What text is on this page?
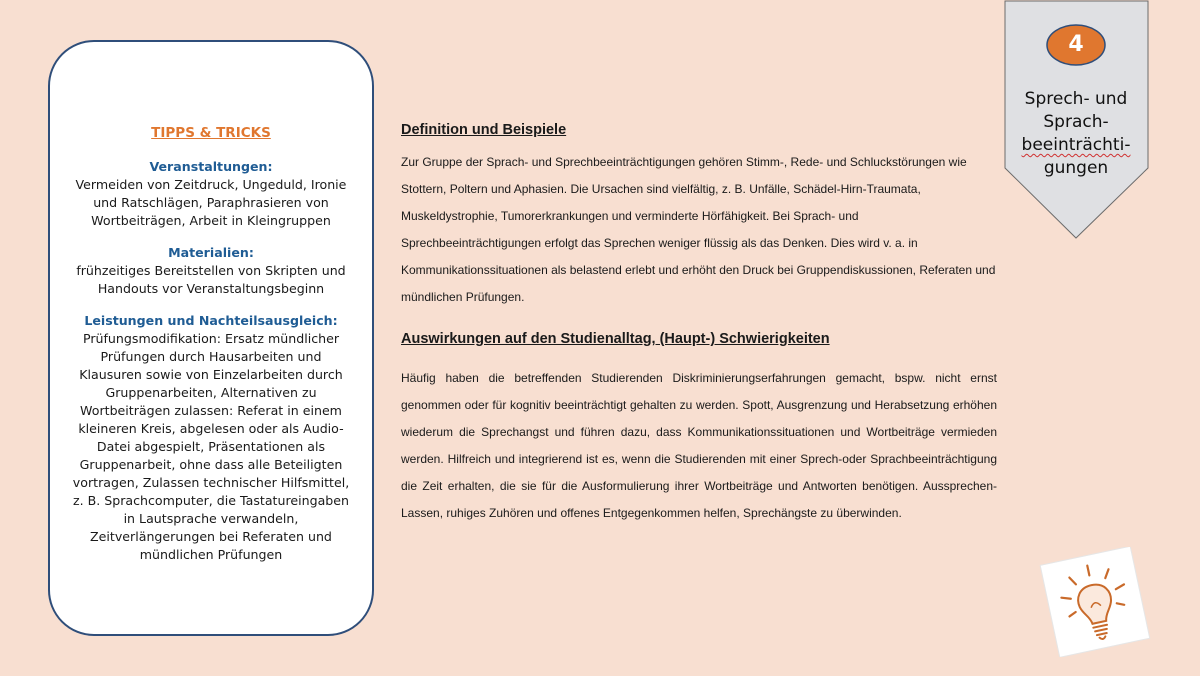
TIPPS & TRICKS
Veranstaltungen:
Vermeiden von Zeitdruck, Ungeduld, Ironie und Ratschlägen, Paraphrasieren von Wortbeiträgen, Arbeit in Kleingruppen
Materialien:
frühzeitiges Bereitstellen von Skripten und Handouts vor Veranstaltungsbeginn
Leistungen und Nachteilsausgleich:
Prüfungsmodifikation: Ersatz mündlicher Prüfungen durch Hausarbeiten und Klausuren sowie von Einzelarbeiten durch Gruppenarbeiten, Alternativen zu Wortbeiträgen zulassen: Referat in einem kleineren Kreis, abgelesen oder als Audio-Datei abgespielt, Präsentationen als Gruppenarbeit, ohne dass alle Beteiligten vortragen, Zulassen technischer Hilfsmittel, z. B. Sprachcomputer, die Tastatureingaben in Lautsprache verwandeln, Zeitverlängerungen bei Referaten und mündlichen Prüfungen
Definition und Beispiele

Zur Gruppe der Sprach- und Sprechbeeinträchtigungen gehören Stimm-, Rede- und Schluckstörungen wie Stottern, Poltern und Aphasien. Die Ursachen sind vielfältig, z. B. Unfälle, Schädel-Hirn-Traumata, Muskeldystrophie, Tumorerkrankungen und verminderte Hörfähigkeit. Bei Sprach- und Sprechbeeinträchtigungen erfolgt das Sprechen weniger flüssig als das Denken. Dies wird v. a. in Kommunikationssituationen als belastend erlebt und erhöht den Druck bei Gruppendiskussionen, Referaten und mündlichen Prüfungen.

Auswirkungen auf den Studienalltag, (Haupt-) Schwierigkeiten

Häufig haben die betreffenden Studierenden Diskriminierungserfahrungen gemacht, bspw. nicht ernst genommen oder für kognitiv beeinträchtigt gehalten zu werden. Spott, Ausgrenzung und Herabsetzung erhöhen wiederum die Sprechangst und führen dazu, dass Kommunikationssituationen und Wortbeiträge vermieden werden. Hilfreich und integrierend ist es, wenn die Studierenden mit einer Sprech-oder Sprachbeeinträchtigung die Zeit erhalten, die sie für die Ausformulierung ihrer Wortbeiträge und Antworten benötigen. Aussprechen-Lassen, ruhiges Zuhören und offenes Entgegenkommen helfen, Sprechängste zu überwinden.

4
Sprech- und
Sprach-
beeinträchti-
gungen
